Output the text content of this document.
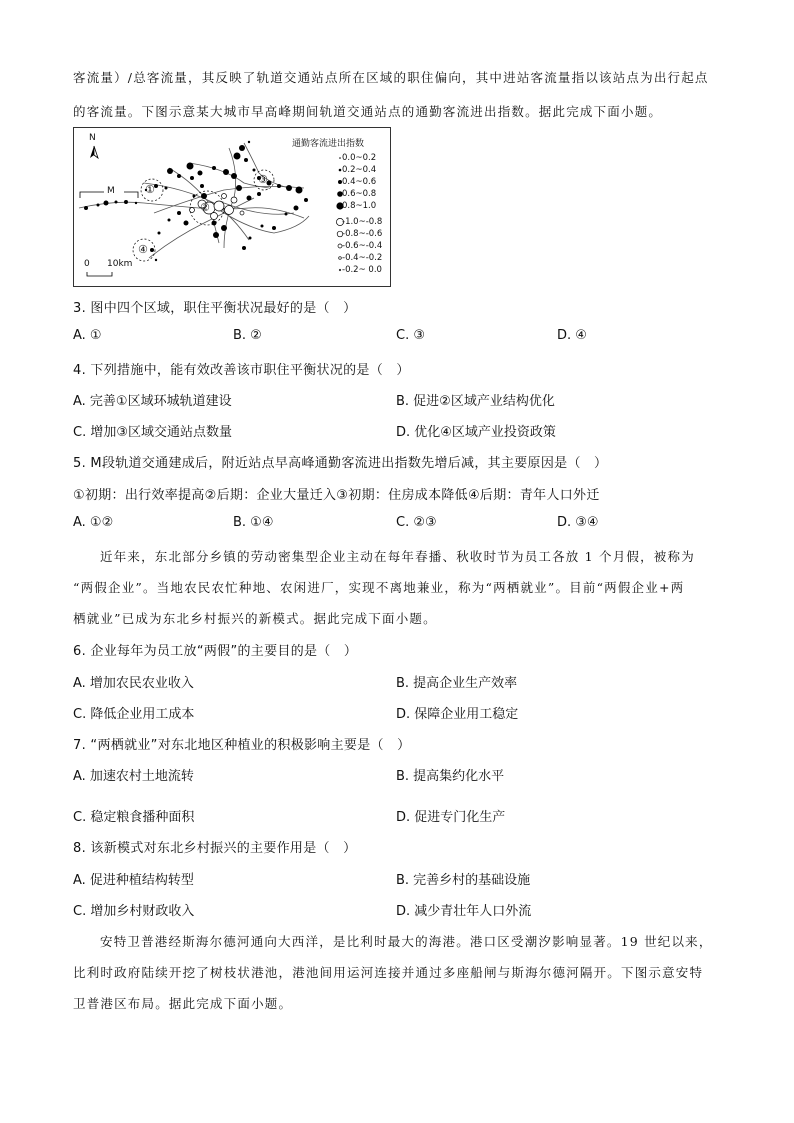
客流量）/总客流量，其反映了轨道交通站点所在区域的职住偏向，其中进站客流量指以该站点为出行起点
的客流量。下图示意某大城市早高峰期间轨道交通站点的通勤客流进出指数。据此完成下面小题。
N
M	①
②
③
④
0 10km
通勤客流进出指数
0.0~0.2
0.2~0.4
0.4~0.6
0.6~0.8
0.8~1.0
-1.0~-0.8
-0.8~-0.6
-0.6~-0.4
-0.4~-0.2
-0.2~ 0.0
3. 图中四个区域，职住平衡状况最好的是（　）
A. ①	B. ②	C. ③	D. ④
4. 下列措施中，能有效改善该市职住平衡状况的是（　）
A. 完善①区域环城轨道建设	B. 促进②区域产业结构优化
C. 增加③区域交通站点数量	D. 优化④区域产业投资政策
5. M段轨道交通建成后，附近站点早高峰通勤客流进出指数先增后减，其主要原因是（　）
①初期：出行效率提高②后期：企业大量迁入③初期：住房成本降低④后期：青年人口外迁
A. ①②	B. ①④	C. ②③	D. ③④
近年来，东北部分乡镇的劳动密集型企业主动在每年春播、秋收时节为员工各放 1 个月假，被称为
“两假企业”。当地农民农忙种地、农闲进厂，实现不离地兼业，称为“两栖就业”。目前“两假企业+两
栖就业”已成为东北乡村振兴的新模式。据此完成下面小题。
6. 企业每年为员工放“两假”的主要目的是（　）
A. 增加农民农业收入	B. 提高企业生产效率
C. 降低企业用工成本	D. 保障企业用工稳定
7. “两栖就业”对东北地区种植业的积极影响主要是（　）
A. 加速农村土地流转	B. 提高集约化水平
C. 稳定粮食播种面积	D. 促进专门化生产
8. 该新模式对东北乡村振兴的主要作用是（　）
A. 促进种植结构转型	B. 完善乡村的基础设施
C. 增加乡村财政收入	D. 减少青壮年人口外流
安特卫普港经斯海尔德河通向大西洋，是比利时最大的海港。港口区受潮汐影响显著。19 世纪以来，
比利时政府陆续开挖了树枝状港池，港池间用运河连接并通过多座船闸与斯海尔德河隔开。下图示意安特
卫普港区布局。据此完成下面小题。
